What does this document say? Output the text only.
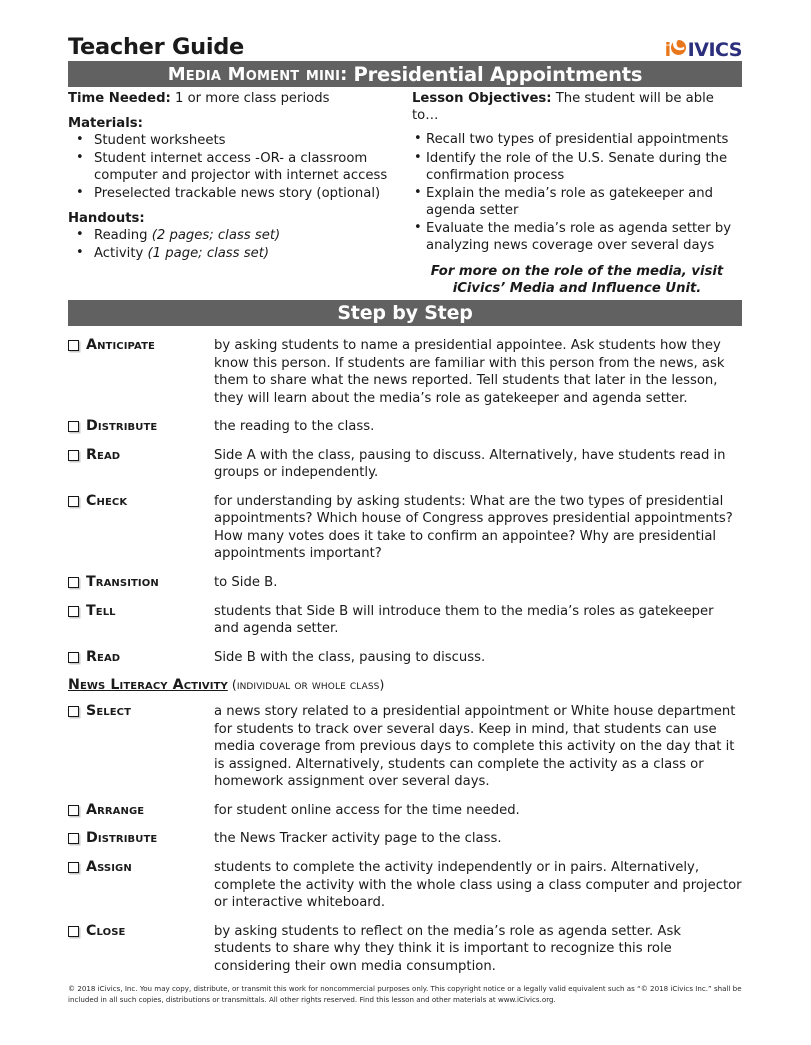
Teacher Guide	i C IVICS
Media Moment mini: Presidential Appointments

Time Needed: 1 or more class periods

Materials:

• Student worksheets
• Student internet access -OR- a classroom computer and projector with internet access
• Preselected trackable news story (optional)

Handouts:

• Reading (2 pages; class set)
• Activity (1 page; class set)

Lesson Objectives: The student will be able to…

• Recall two types of presidential appointments
• Identify the role of the U.S. Senate during the confirmation process
• Explain the media’s role as gatekeeper and agenda setter
• Evaluate the media’s role as agenda setter by analyzing news coverage over several days

For more on the role of the media, visit iCivics’ Media and Influence Unit.

Step by Step
Anticipate	by asking students to name a presidential appointee. Ask students how they know this person. If students are familiar with this person from the news, ask them to share what the news reported. Tell students that later in the lesson, they will learn about the media’s role as gatekeeper and agenda setter.
Distribute	the reading to the class.
Read	Side A with the class, pausing to discuss. Alternatively, have students read in groups or independently.
Check	for understanding by asking students: What are the two types of presidential appointments? Which house of Congress approves presidential appointments? How many votes does it take to confirm an appointee? Why are presidential appointments important?
Transition	to Side B.
Tell	students that Side B will introduce them to the media’s roles as gatekeeper and agenda setter.
Read	Side B with the class, pausing to discuss.
News Literacy Activity (individual or whole class)
Select	a news story related to a presidential appointment or White house department for students to track over several days. Keep in mind, that students can use media coverage from previous days to complete this activity on the day that it is assigned. Alternatively, students can complete the activity as a class or homework assignment over several days.
Arrange	for student online access for the time needed.
Distribute	the News Tracker activity page to the class.
Assign	students to complete the activity independently or in pairs. Alternatively, complete the activity with the whole class using a class computer and projector or interactive whiteboard.
Close	by asking students to reflect on the media’s role as agenda setter. Ask students to share why they think it is important to recognize this role considering their own media consumption.
© 2018 iCivics, Inc. You may copy, distribute, or transmit this work for noncommercial purposes only. This copyright notice or a legally valid equivalent such as “© 2018 iCivics Inc.” shall be included in all such copies, distributions or transmittals. All other rights reserved. Find this lesson and other materials at www.iCivics.org.
